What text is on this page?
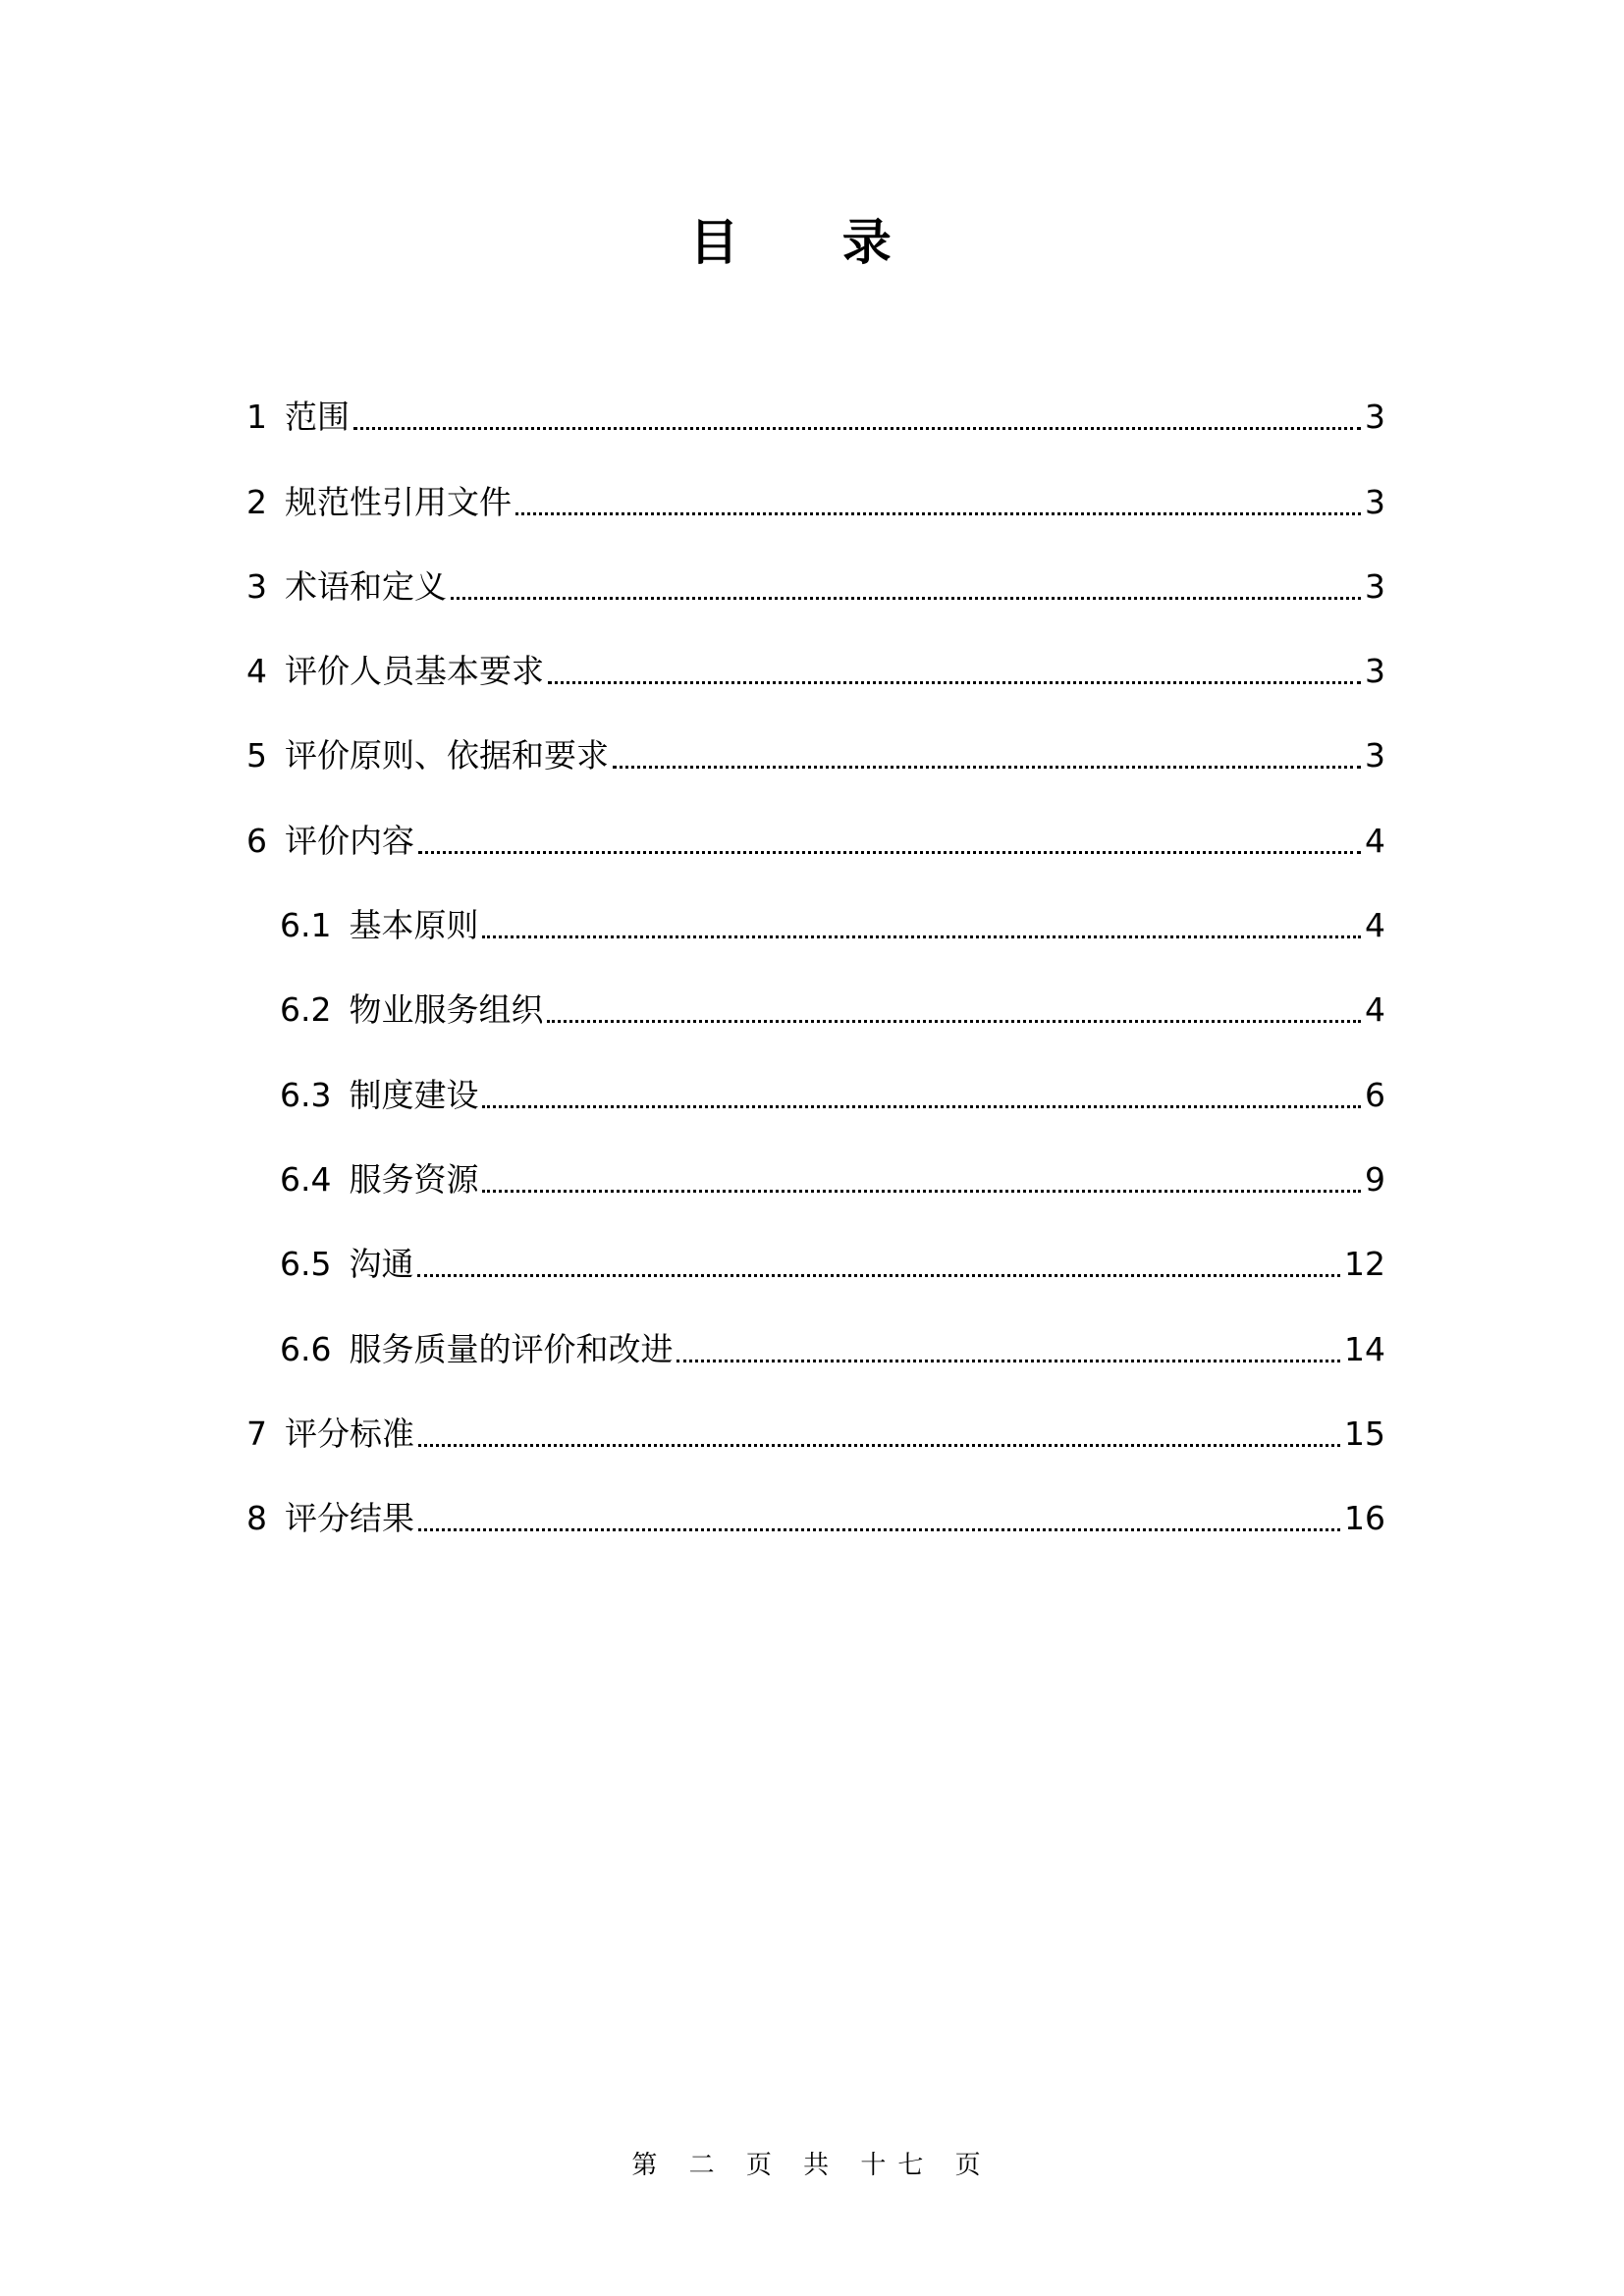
目 录
1 范围	3
2 规范性引用文件	3
3 术语和定义	3
4 评价人员基本要求	3
5 评价原则、依据和要求	3
6 评价内容	4
6.1 基本原则	4
6.2 物业服务组织	4
6.3 制度建设	6
6.4 服务资源	9
6.5 沟通	12
6.6 服务质量的评价和改进	14
7 评分标准	15
8 评分结果	16
第 二 页 共 十七 页
